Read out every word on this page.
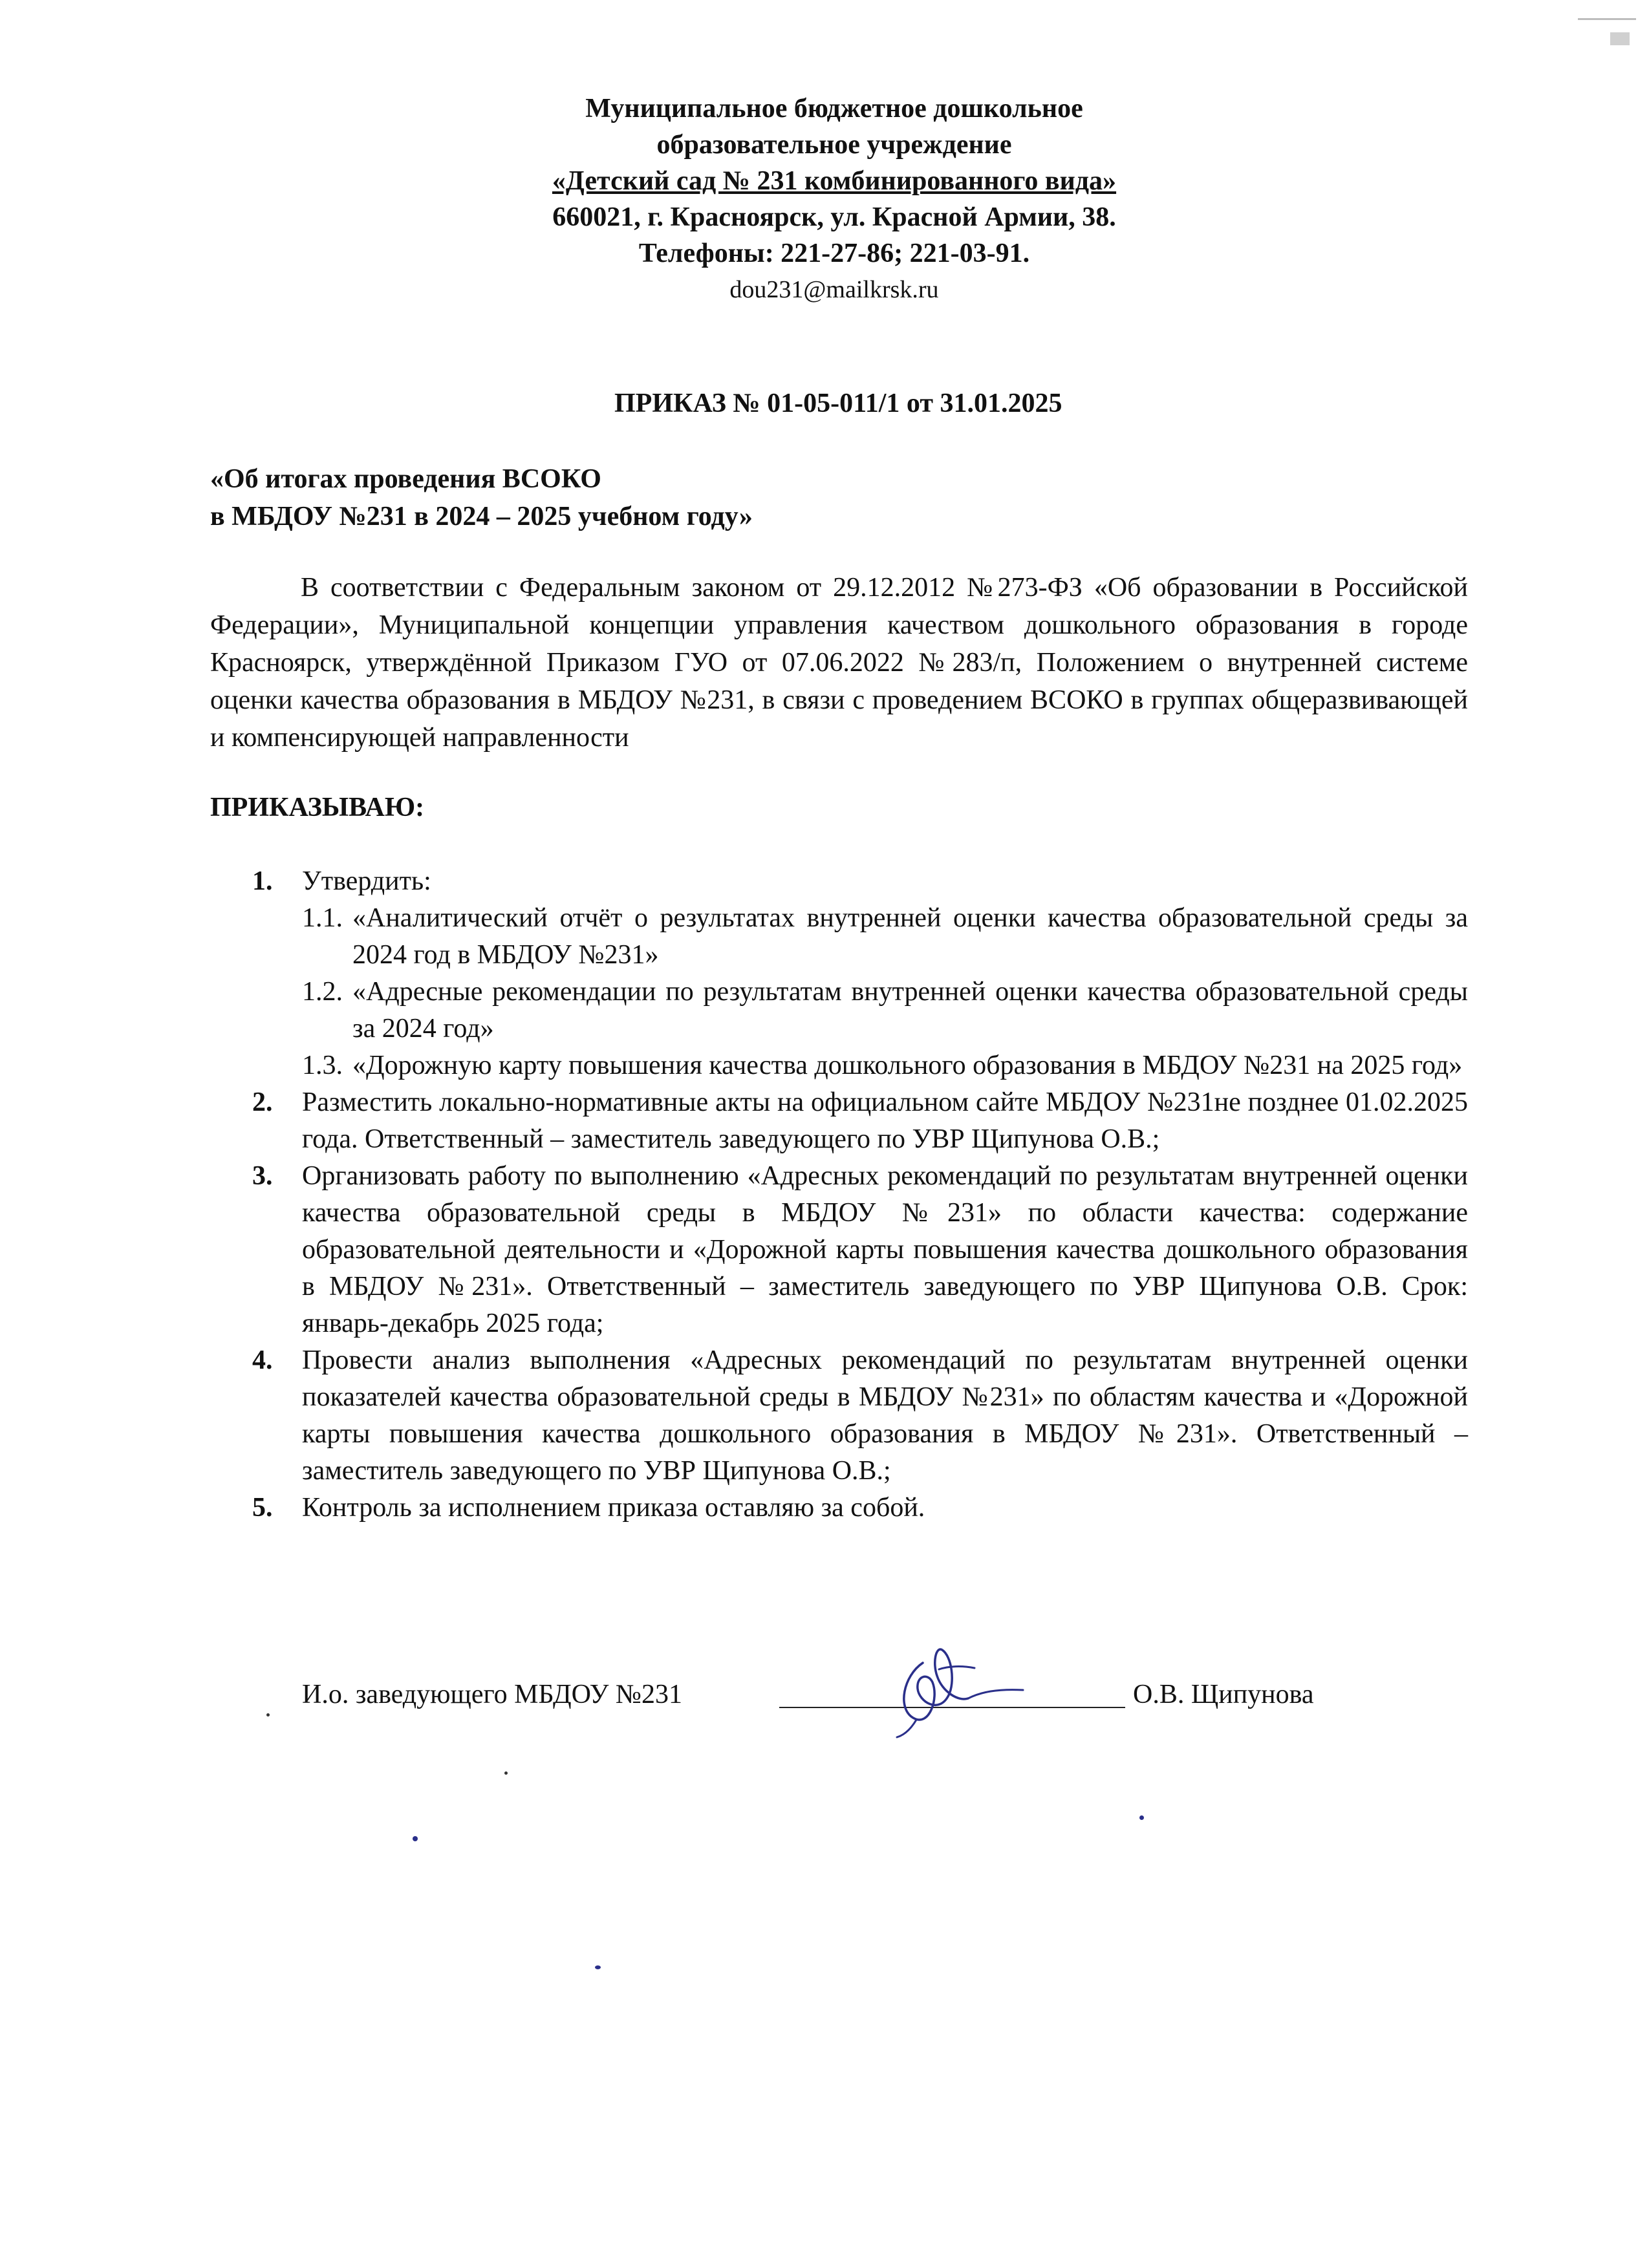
Муниципальное бюджетное дошкольное
образовательное учреждение
«Детский сад № 231 комбинированного вида»
660021, г. Красноярск, ул. Красной Армии, 38.
Телефоны: 221-27-86; 221-03-91.
dou231@mailkrsk.ru
ПРИКАЗ № 01-05-011/1 от 31.01.2025
«Об итогах проведения ВСОКО
в МБДОУ №231 в 2024 – 2025 учебном году»
В соответствии с Федеральным законом от 29.12.2012 №273-ФЗ «Об образовании в Российской Федерации», Муниципальной концепции управления качеством дошкольного образования в городе Красноярск, утверждённой Приказом ГУО от 07.06.2022 №283/п, Положением о внутренней системе оценки качества образования в МБДОУ №231, в связи с проведением ВСОКО в группах общеразвивающей и компенсирующей направленности
ПРИКАЗЫВАЮ:
1. Утвердить:
1.1. «Аналитический отчёт о результатах внутренней оценки качества образовательной среды за 2024 год в МБДОУ №231»
1.2. «Адресные рекомендации по результатам внутренней оценки качества образовательной среды за 2024 год»
1.3. «Дорожную карту повышения качества дошкольного образования в МБДОУ №231 на 2025 год»
2. Разместить локально-нормативные акты на официальном сайте МБДОУ №231не позднее 01.02.2025 года. Ответственный – заместитель заведующего по УВР Щипунова О.В.;
3. Организовать работу по выполнению «Адресных рекомендаций по результатам внутренней оценки качества образовательной среды в МБДОУ №231» по области качества: содержание образовательной деятельности и «Дорожной карты повышения качества дошкольного образования в МБДОУ №231». Ответственный – заместитель заведующего по УВР Щипунова О.В. Срок: январь-декабрь 2025 года;
4. Провести анализ выполнения «Адресных рекомендаций по результатам внутренней оценки показателей качества образовательной среды в МБДОУ №231» по областям качества и «Дорожной карты повышения качества дошкольного образования в МБДОУ №231». Ответственный – заместитель заведующего по УВР Щипунова О.В.;
5. Контроль за исполнением приказа оставляю за собой.
И.о. заведующего МБДОУ №231	О.В. Щипунова
